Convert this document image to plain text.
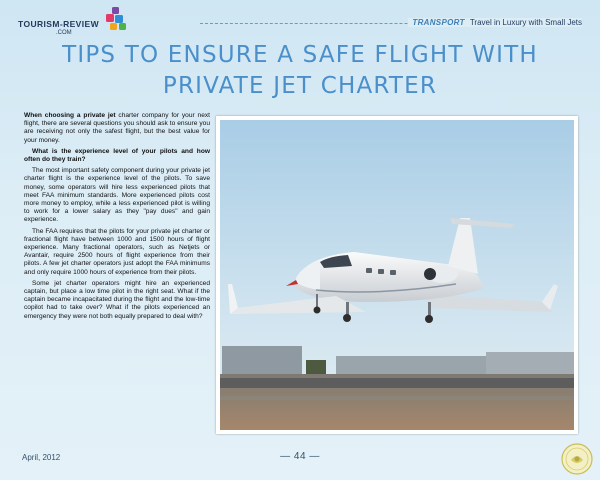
TOURISM-REVIEW
.COM
TRANSPORT Travel in Luxury with Small Jets
TIPS TO ENSURE A SAFE FLIGHT WITH
PRIVATE JET CHARTER

When choosing a private jet charter company for your next flight, there are several questions you should ask to ensure you are receiving not only the safest flight, but the best value for your money.

What is the experience level of your pilots and how often do they train?

The most important safety component during your private jet charter flight is the experience level of the pilots. To save money, some operators will hire less experienced pilots that meet FAA minimum standards. More experienced pilots cost more money to employ, while a less experienced pilot is willing to work for a lower salary as they "pay dues" and gain experience.

The FAA requires that the pilots for your private jet charter or fractional flight have between 1000 and 1500 hours of flight experience. Many fractional operators, such as Netjets or Avantair, require 2500 hours of flight experience from their pilots. A few jet charter operators just adopt the FAA minimums and only require 1000 hours of experience from their pilots.

Some jet charter operators might hire an experienced captain, but place a low time pilot in the right seat. What if the captain became incapacitated during the flight and the low-time copilot had to take over? What if the pilots experienced an emergency they were not both equally prepared to deal with?

April, 2012	— 44 —
